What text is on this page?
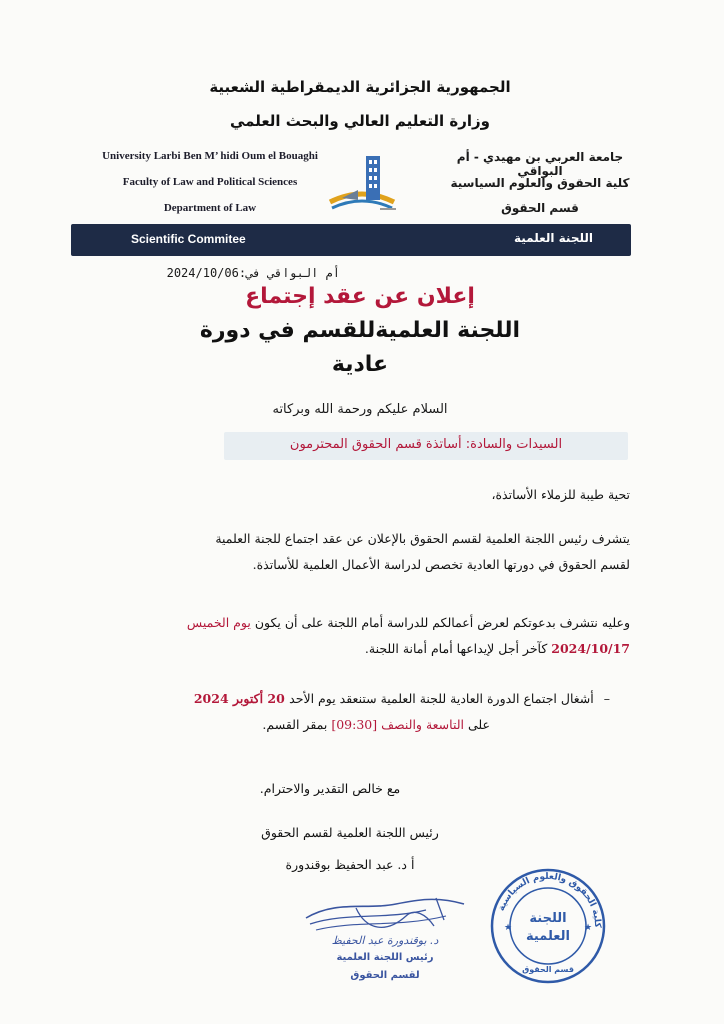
الجمهورية الجزائرية الديمقراطية الشعبية
وزارة التعليم العالي والبحث العلمي
University Larbi Ben M’ hidi Oum el Bouaghi
Faculty of Law and Political Sciences
Department of Law
جامعة العربي بن مهيدي - أم البواقي
كلية الحقوق والعلوم السياسية
قسم الحقوق
Scientific Commitee	اللجنة العلمية
أم البواقي في:2024/10/06
إعلان عن عقد إجتماع
اللجنة العلميةللقسم في دورة
عادية
السلام عليكم ورحمة الله وبركاته
السيدات والسادة: أساتذة قسم الحقوق المحترمون
تحية طيبة للزملاء الأساتذة،
يتشرف رئيس اللجنة العلمية لقسم الحقوق بالإعلان عن عقد اجتماع للجنة العلمية
لقسم الحقوق في دورتها العادية تخصص لدراسة الأعمال العلمية للأساتذة.
وعليه نتشرف بدعوتكم لعرض أعمالكم للدراسة أمام اللجنة على أن يكون يوم الخميس
2024/10/17 كآخر أجل لإيداعها أمام أمانة اللجنة.
–أشغال اجتماع الدورة العادية للجنة العلمية ستنعقد يوم الأحد 20 أكتوبر 2024
على التاسعة والنصف [09:30] بمقر القسم.
مع خالص التقدير والاحترام.
رئيس اللجنة العلمية لقسم الحقوق
أ د. عبد الحفيظ بوقندورة
د. بوقندورة عبد الحفيظ
رئيس اللجنة العلمية
لقسم الحقوق
كلية الحقوق والعلوم السياسية
اللجنة
العلمية
قسم الحقوق
★	★
